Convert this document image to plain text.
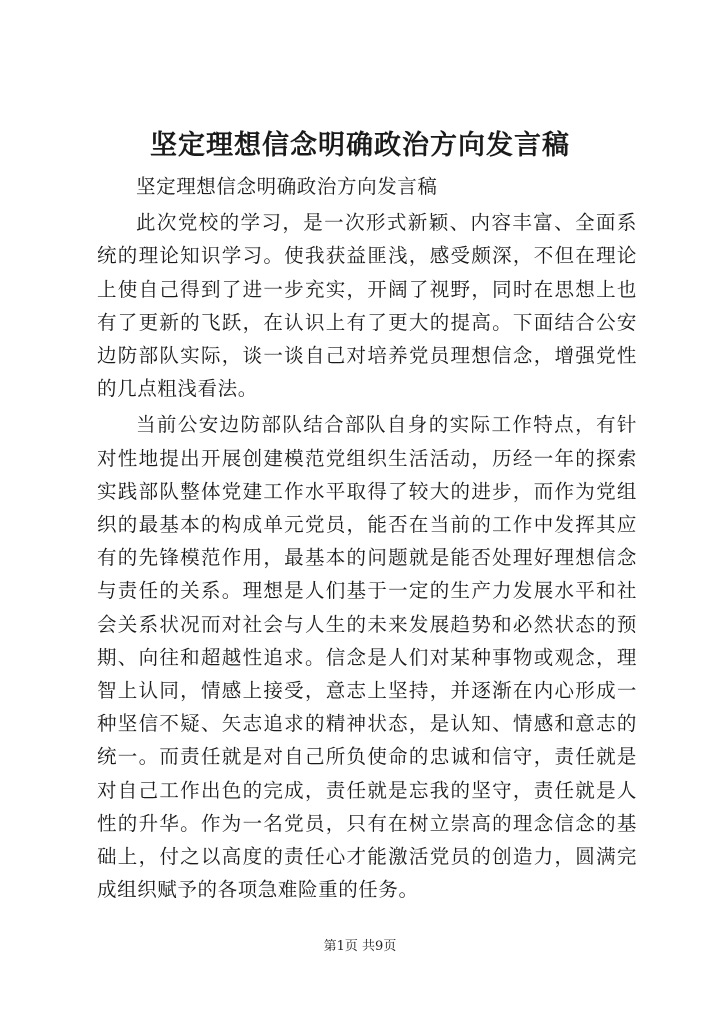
坚定理想信念明确政治方向发言稿

坚定理想信念明确政治方向发言稿

此次党校的学习，是一次形式新颖、内容丰富、全面系统的理论知识学习。使我获益匪浅，感受颇深，不但在理论上使自己得到了进一步充实，开阔了视野，同时在思想上也有了更新的飞跃，在认识上有了更大的提高。下面结合公安边防部队实际，谈一谈自己对培养党员理想信念，增强党性的几点粗浅看法。

当前公安边防部队结合部队自身的实际工作特点，有针对性地提出开展创建模范党组织生活活动，历经一年的探索实践部队整体党建工作水平取得了较大的进步，而作为党组织的最基本的构成单元党员，能否在当前的工作中发挥其应有的先锋模范作用，最基本的问题就是能否处理好理想信念与责任的关系。理想是人们基于一定的生产力发展水平和社会关系状况而对社会与人生的未来发展趋势和必然状态的预期、向往和超越性追求。信念是人们对某种事物或观念，理智上认同，情感上接受，意志上坚持，并逐渐在内心形成一种坚信不疑、矢志追求的精神状态，是认知、情感和意志的统一。而责任就是对自己所负使命的忠诚和信守，责任就是对自己工作出色的完成，责任就是忘我的坚守，责任就是人性的升华。作为一名党员，只有在树立崇高的理念信念的基础上，付之以高度的责任心才能激活党员的创造力，圆满完成组织赋予的各项急难险重的任务。

第1页 共9页
